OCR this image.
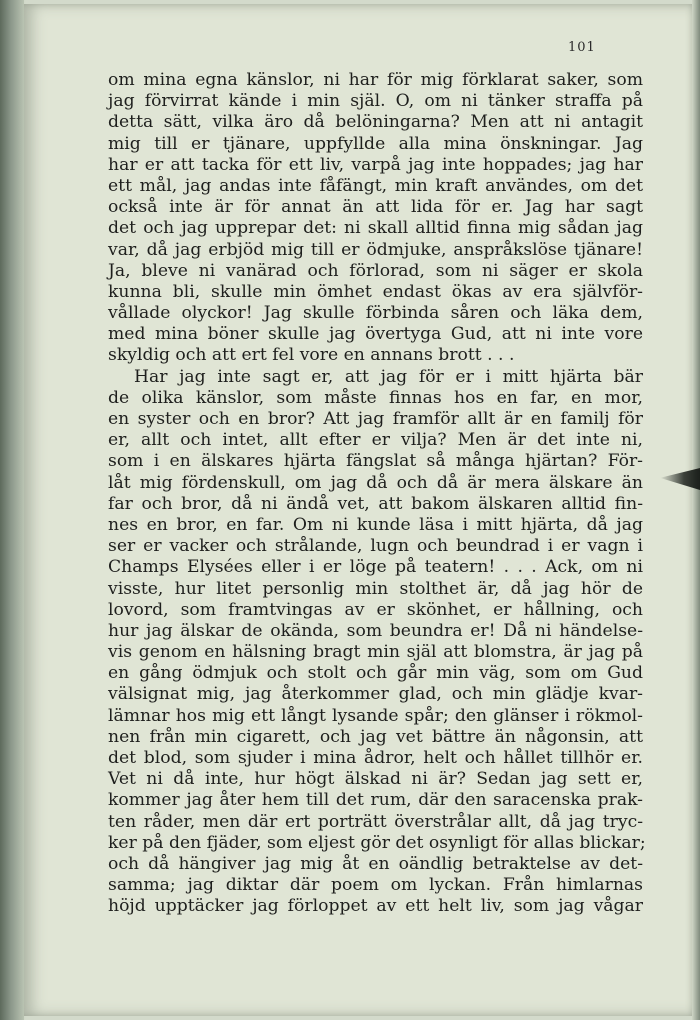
101
om mina egna känslor, ni har för mig förklarat saker, som
jag förvirrat kände i min själ. O, om ni tänker straffa på
detta sätt, vilka äro då belöningarna? Men att ni antagit
mig till er tjänare, uppfyllde alla mina önskningar. Jag
har er att tacka för ett liv, varpå jag inte hoppades; jag har
ett mål, jag andas inte fåfängt, min kraft användes, om det
också inte är för annat än att lida för er. Jag har sagt
det och jag upprepar det: ni skall alltid finna mig sådan jag
var, då jag erbjöd mig till er ödmjuke, anspråkslöse tjänare!
Ja, bleve ni vanärad och förlorad, som ni säger er skola
kunna bli, skulle min ömhet endast ökas av era självför-
vållade olyckor! Jag skulle förbinda såren och läka dem,
med mina böner skulle jag övertyga Gud, att ni inte vore
skyldig och att ert fel vore en annans brott . . .
Har jag inte sagt er, att jag för er i mitt hjärta bär
de olika känslor, som måste finnas hos en far, en mor,
en syster och en bror? Att jag framför allt är en familj för
er, allt och intet, allt efter er vilja? Men är det inte ni,
som i en älskares hjärta fängslat så många hjärtan? För-
låt mig fördenskull, om jag då och då är mera älskare än
far och bror, då ni ändå vet, att bakom älskaren alltid fin-
nes en bror, en far. Om ni kunde läsa i mitt hjärta, då jag
ser er vacker och strålande, lugn och beundrad i er vagn i
Champs Elysées eller i er löge på teatern! . . . Ack, om ni
visste, hur litet personlig min stolthet är, då jag hör de
lovord, som framtvingas av er skönhet, er hållning, och
hur jag älskar de okända, som beundra er! Då ni händelse-
vis genom en hälsning bragt min själ att blomstra, är jag på
en gång ödmjuk och stolt och går min väg, som om Gud
välsignat mig, jag återkommer glad, och min glädje kvar-
lämnar hos mig ett långt lysande spår; den glänser i rökmol-
nen från min cigarett, och jag vet bättre än någonsin, att
det blod, som sjuder i mina ådror, helt och hållet tillhör er.
Vet ni då inte, hur högt älskad ni är? Sedan jag sett er,
kommer jag åter hem till det rum, där den saracenska prak-
ten råder, men där ert porträtt överstrålar allt, då jag tryc-
ker på den fjäder, som eljest gör det osynligt för allas blickar;
och då hängiver jag mig åt en oändlig betraktelse av det-
samma; jag diktar där poem om lyckan. Från himlarnas
höjd upptäcker jag förloppet av ett helt liv, som jag vågar
